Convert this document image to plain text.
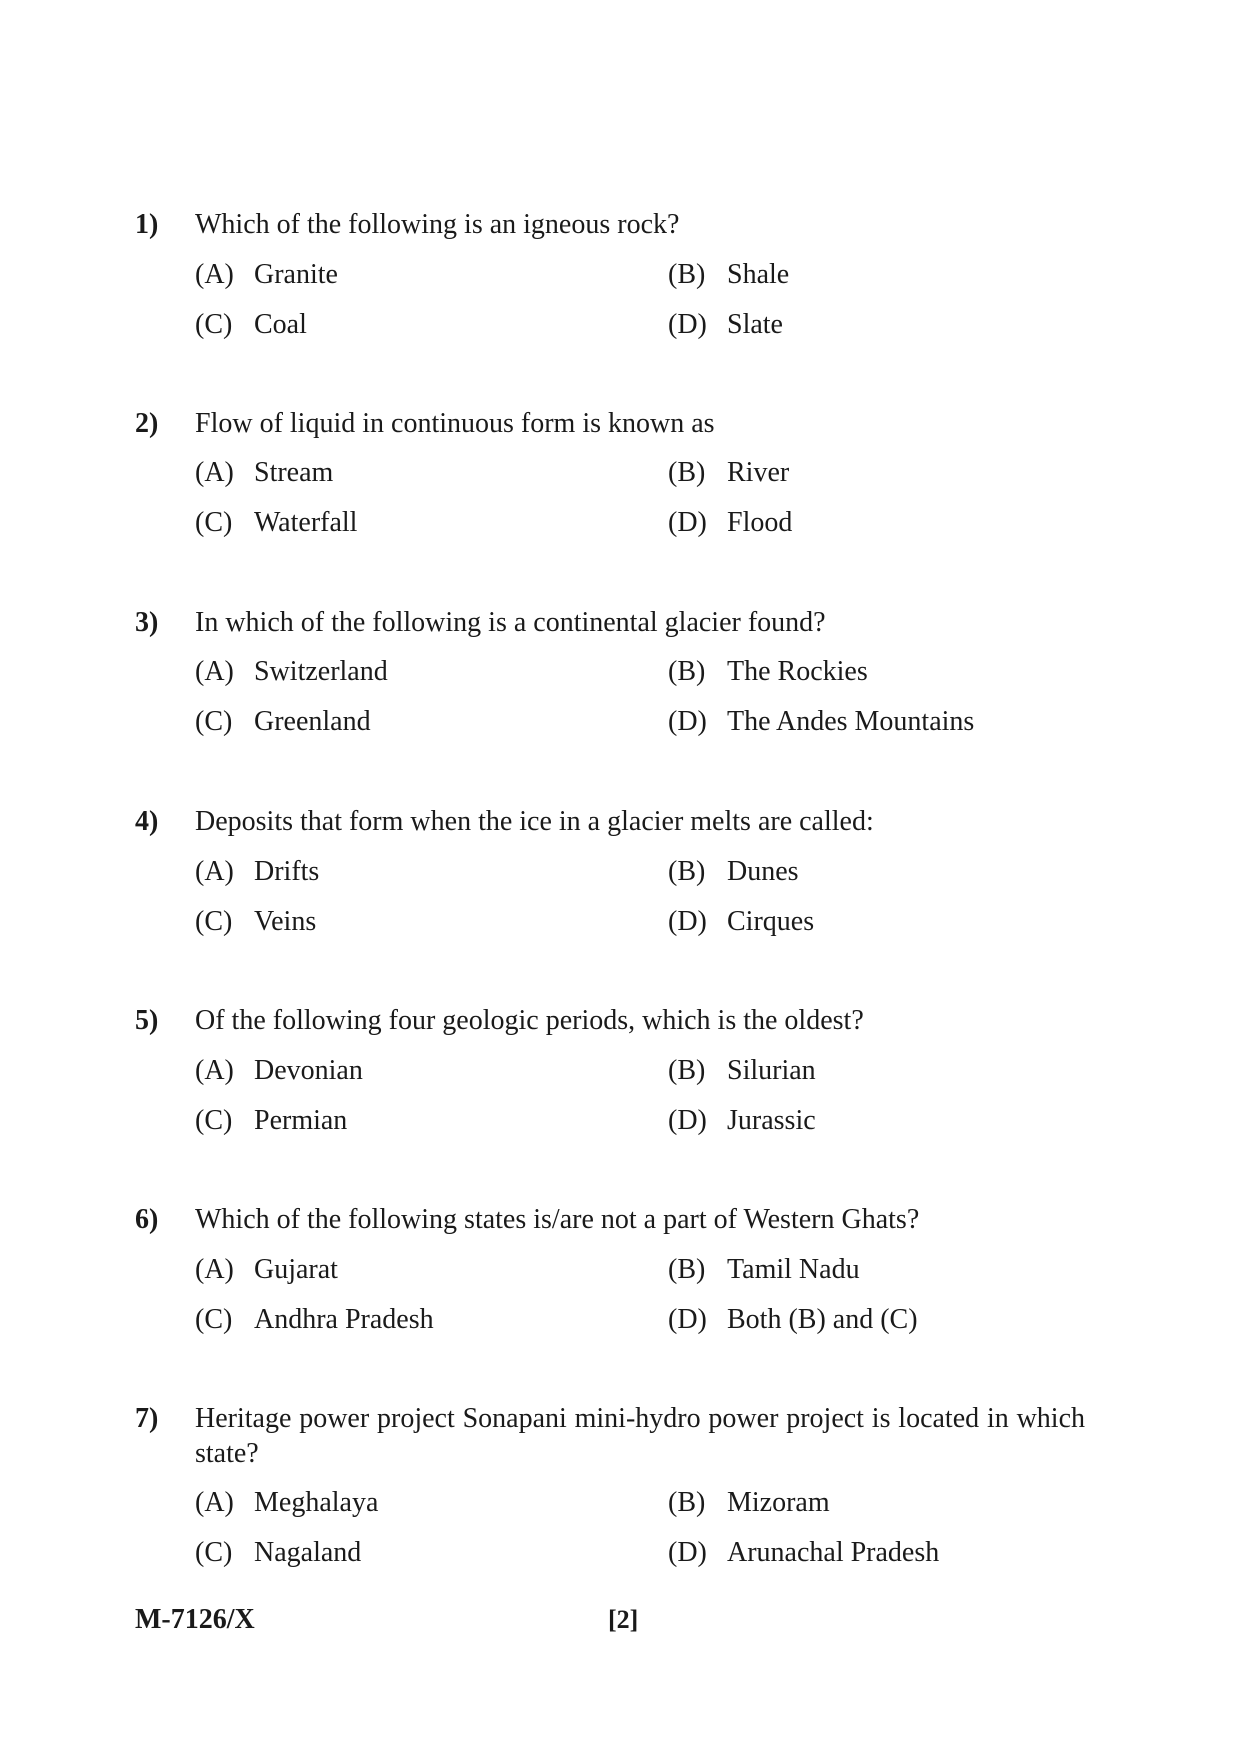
1) Which of the following is an igneous rock?
(A) Granite	(B) Shale
(C) Coal	(D) Slate
2) Flow of liquid in continuous form is known as
(A) Stream	(B) River
(C) Waterfall	(D) Flood
3) In which of the following is a continental glacier found?
(A) Switzerland	(B) The Rockies
(C) Greenland	(D) The Andes Mountains
4) Deposits that form when the ice in a glacier melts are called:
(A) Drifts	(B) Dunes
(C) Veins	(D) Cirques
5) Of the following four geologic periods, which is the oldest?
(A) Devonian	(B) Silurian
(C) Permian	(D) Jurassic
6) Which of the following states is/are not a part of Western Ghats?
(A) Gujarat	(B) Tamil Nadu
(C) Andhra Pradesh	(D) Both (B) and (C)
7) Heritage power project Sonapani mini-hydro power project is located in which state?
(A) Meghalaya	(B) Mizoram
(C) Nagaland	(D) Arunachal Pradesh
M-7126/X	[2]
